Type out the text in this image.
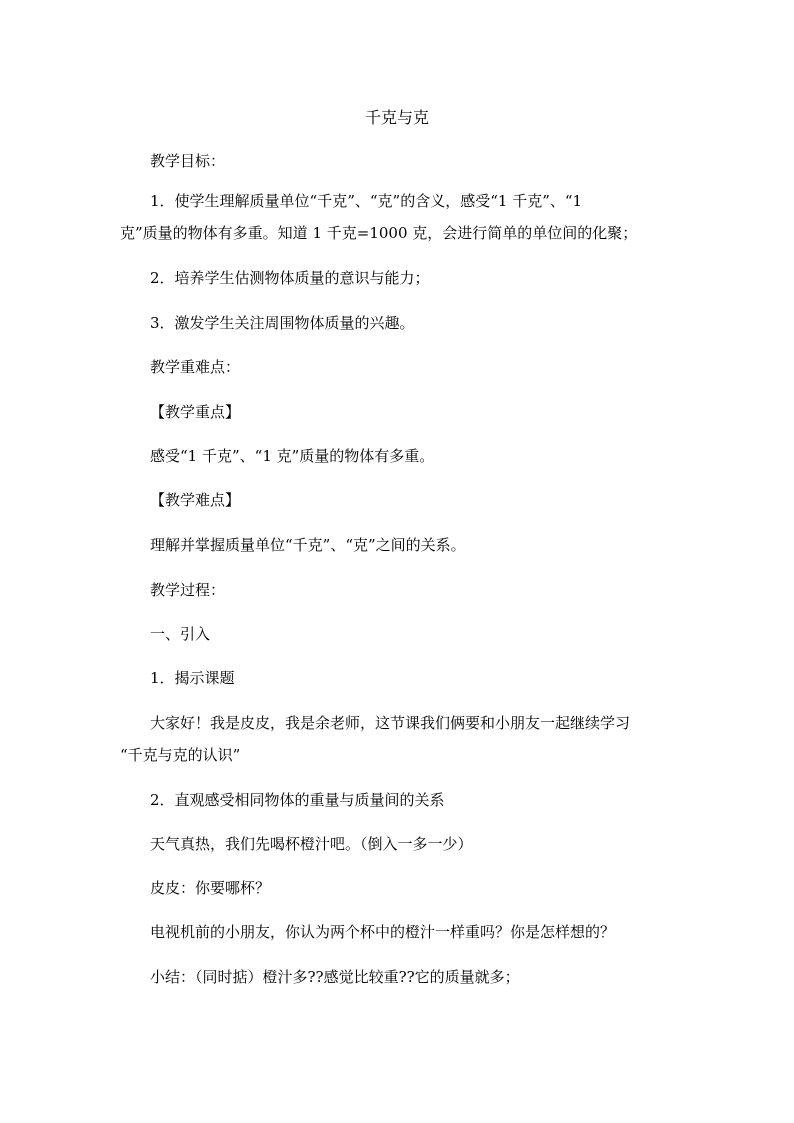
千克与克
教学目标：
1．使学生理解质量单位“千克”、“克”的含义，感受“1 千克”、“1
克”质量的物体有多重。知道 1 千克=1000 克，会进行简单的单位间的化聚；
2．培养学生估测物体质量的意识与能力；
3．激发学生关注周围物体质量的兴趣。
教学重难点：
【教学重点】
感受“1 千克”、“1 克”质量的物体有多重。
【教学难点】
理解并掌握质量单位“千克”、“克”之间的关系。
教学过程：
一、引入
1．揭示课题
大家好！我是皮皮，我是余老师，这节课我们俩要和小朋友一起继续学习
“千克与克的认识”
2．直观感受相同物体的重量与质量间的关系
天气真热，我们先喝杯橙汁吧。（倒入一多一少）
皮皮：你要哪杯？
电视机前的小朋友，你认为两个杯中的橙汁一样重吗？你是怎样想的？
小结：（同时掂）橙汁多??感觉比较重??它的质量就多；
